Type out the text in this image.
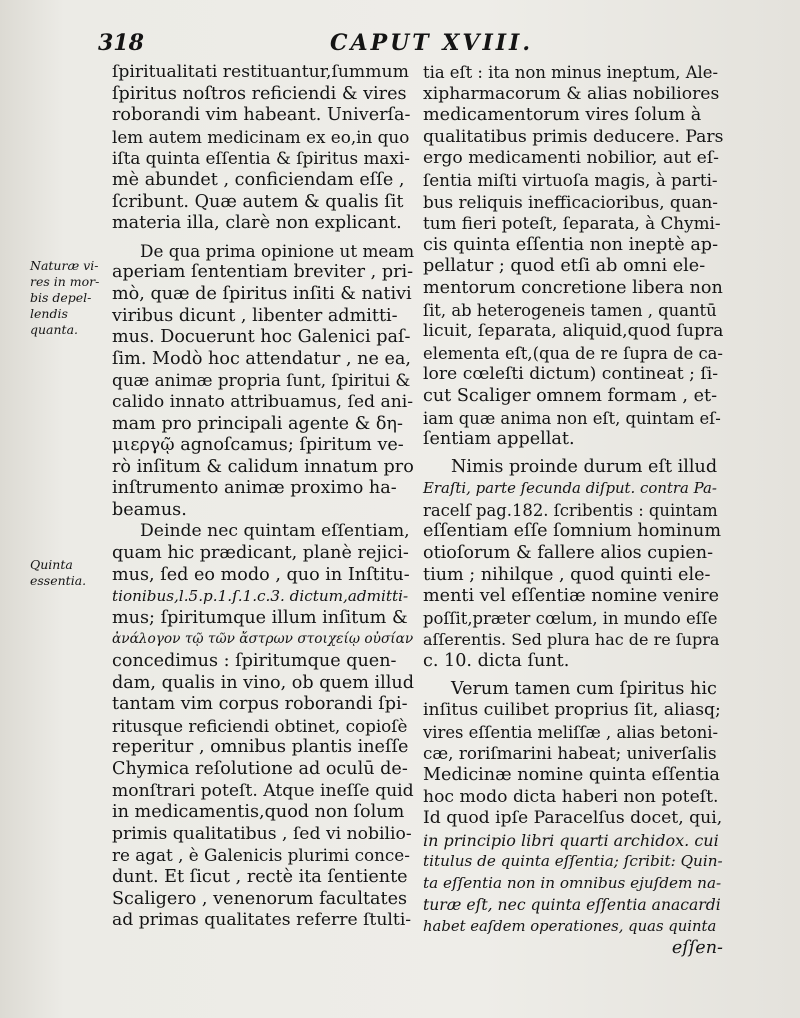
318	CAPUT XVIII.
Naturæ vi-
res in mor-
bis depel-
lendis
quanta.
Quinta
essentia.
ſpiritualitati restituantur,ſummum
ſpiritus noſtros reficiendi & vires
roborandi vim habeant. Univerſa-
lem autem medicinam ex eo,in quo
iſta quinta eſſentia & ſpiritus maxi-
mè abundet , conficiendam eſſe ,
ſcribunt. Quæ autem & qualis ſit
materia illa, clarè non explicant.
De qua prima opinione ut meam
aperiam ſententiam breviter , pri-
mò, quæ de ſpiritus inſiti & nativi
viribus dicunt , libenter admitti-
mus. Docuerunt hoc Galenici paſ-
ſim. Modò hoc attendatur , ne ea,
quæ animæ propria ſunt, ſpiritui &
calido innato attribuamus, ſed ani-
mam pro principali agente & δη-
μιεργῷ agnoſcamus; ſpiritum ve-
rò inſitum & calidum innatum pro
inſtrumento animæ proximo ha-
beamus.
Deinde nec quintam eſſentiam,
quam hic prædicant, planè rejici-
mus, ſed eo modo , quo in Inſtitu-
tionibus,l.5.p.1.ſ.1.c.3. dictum,admitti-
mus; ſpiritumque illum inſitum &
ἀνάλογον τῷ τῶν ἄστρων στοιχείῳ οὐσίαν
concedimus : ſpiritumque quen-
dam, qualis in vino, ob quem illud
tantam vim corpus roborandi ſpi-
ritusque reficiendi obtinet, copioſè
reperitur , omnibus plantis ineſſe
Chymica reſolutione ad oculū de-
monſtrari poteſt. Atque ineſſe quid
in medicamentis,quod non ſolum
primis qualitatibus , ſed vi nobilio-
re agat , è Galenicis plurimi conce-
dunt. Et ſicut , rectè ita ſentiente
Scaligero , venenorum facultates
ad primas qualitates referre ſtulti-
tia eſt : ita non minus ineptum, Ale-
xipharmacorum & alias nobiliores
medicamentorum vires ſolum à
qualitatibus primis deducere. Pars
ergo medicamenti nobilior, aut eſ-
ſentia miſti virtuoſa magis, à parti-
bus reliquis inefficacioribus, quan-
tum fieri poteſt, ſeparata, à Chymi-
cis quinta eſſentia non ineptè ap-
pellatur ; quod etſi ab omni ele-
mentorum concretione libera non
ſit, ab heterogeneis tamen , quantū
licuit, ſeparata, aliquid,quod ſupra
elementa eſt,(qua de re ſupra de ca-
lore cœleſti dictum) contineat ; ſi-
cut Scaliger omnem formam , et-
iam quæ anima non eſt, quintam eſ-
ſentiam appellat.
Nimis proinde durum eſt illud
Eraſti, parte ſecunda diſput. contra Pa-
racelſ pag.182. ſcribentis : quintam
eſſentiam eſſe ſomnium hominum
otioſorum & fallere alios cupien-
tium ; nihilque , quod quinti ele-
menti vel eſſentiæ nomine venire
poſſit,præter cœlum, in mundo eſſe
aſſerentis. Sed plura hac de re ſupra
c. 10. dicta ſunt.
Verum tamen cum ſpiritus hic
inſitus cuilibet proprius ſit, aliasq;
vires eſſentia meliſſæ , alias betoni-
cæ, roriſmarini habeat; univerſalis
Medicinæ nomine quinta eſſentia
hoc modo dicta haberi non poteſt.
Id quod ipſe Paracelſus docet, qui,
in principio libri quarti archidox. cui
titulus de quinta eſſentia; ſcribit: Quin-
ta eſſentia non in omnibus ejuſdem na-
turæ eſt, nec quinta eſſentia anacardi
habet eaſdem operationes, quas quinta
eſſen-
